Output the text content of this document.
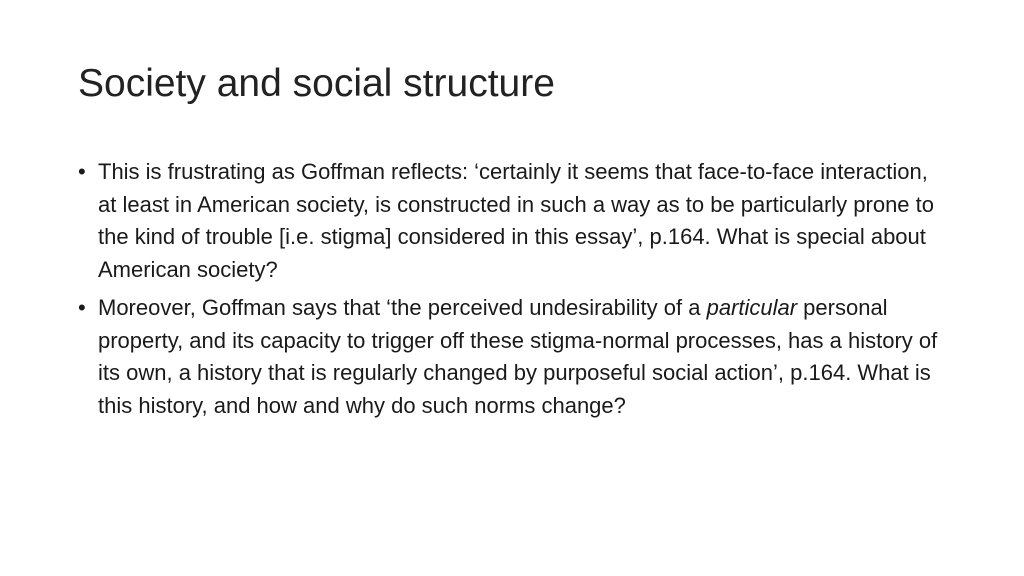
Society and social structure
• This is frustrating as Goffman reflects: ‘certainly it seems that face-to-face interaction, at least in American society, is constructed in such a way as to be particularly prone to the kind of trouble [i.e. stigma] considered in this essay’, p.164. What is special about American society?
• Moreover, Goffman says that ‘the perceived undesirability of a particular personal property, and its capacity to trigger off these stigma-normal processes, has a history of its own, a history that is regularly changed by purposeful social action’, p.164. What is this history, and how and why do such norms change?
